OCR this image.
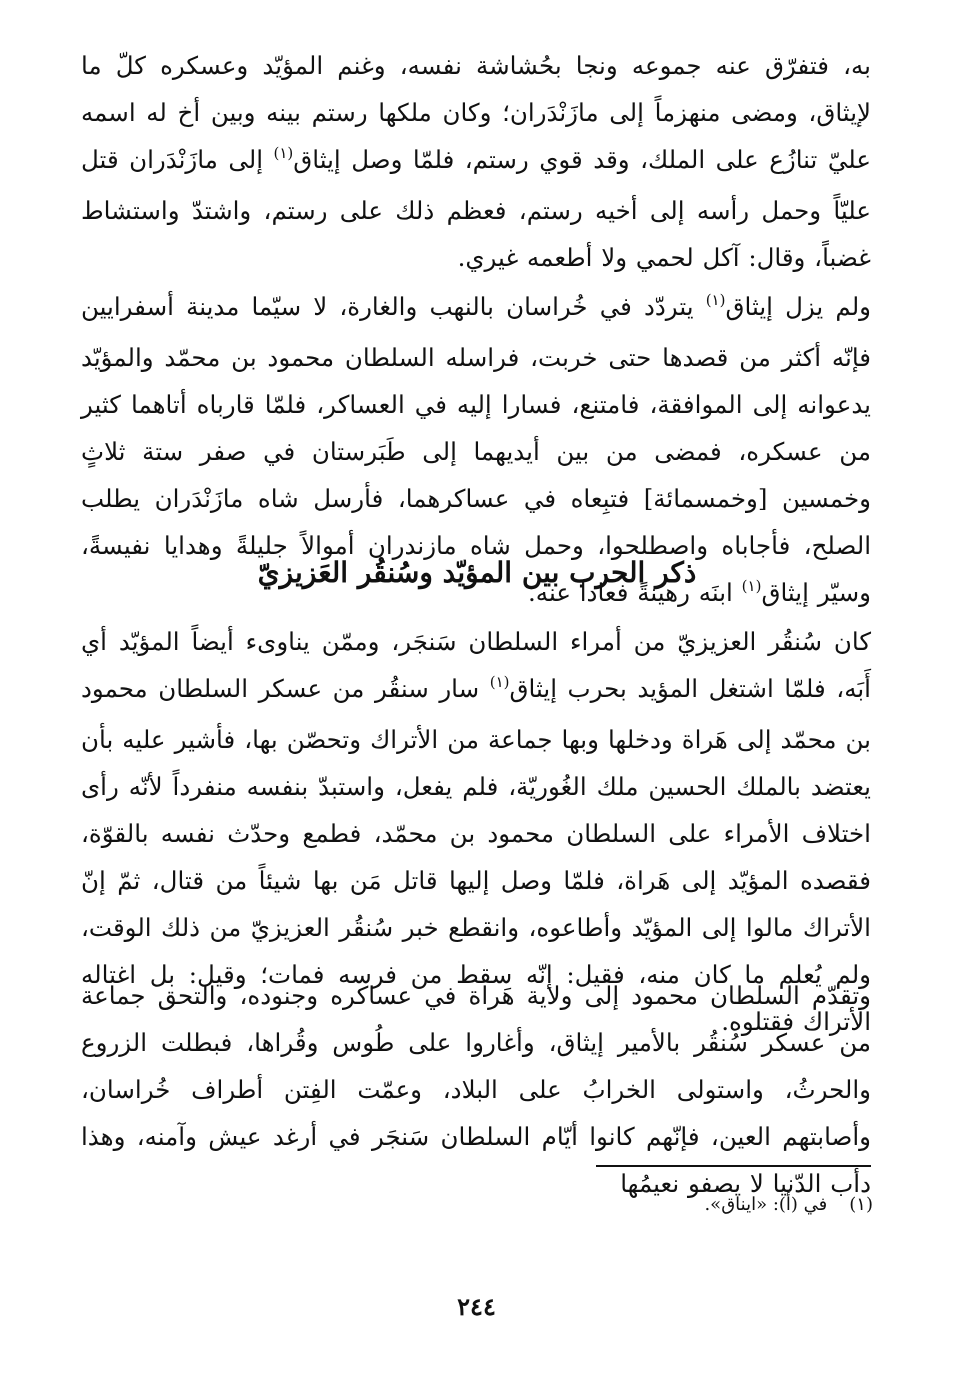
به، فتفرّق عنه جموعه ونجا بحُشاشة نفسه، وغنم المؤيّد وعسكره كلّ ما لإيثاق، ومضى منهزماً إلى مازَنْدَران؛ وكان ملكها رستم بينه وبين أخ له اسمه عليّ تنازُع على الملك، وقد قوي رستم، فلمّا وصل إيثاق$^{(١)}$ إلى مازَنْدَران قتل عليّاً وحمل رأسه إلى أخيه رستم، فعظم ذلك على رستم، واشتدّ واستشاط غضباً، وقال: آكل لحمي ولا أطعمه غيري.

ولم يزل إيثاق$^{(١)}$ يتردّد في خُراسان بالنهب والغارة، لا سيّما مدينة أسفرايين فإنّه أكثر من قصدها حتى خربت، فراسله السلطان محمود بن محمّد والمؤيّد يدعوانه إلى الموافقة، فامتنع، فسارا إليه في العساكر، فلمّا قارباه أتاهما كثير من عسكره، فمضى من بين أيديهما إلى طَبَرستان في صفر ستة ثلاثٍ وخمسين [وخمسمائة] فتبِعاه في عساكرهما، فأرسل شاه مازَنْدَران يطلب الصلح، فأجاباه واصطلحوا، وحمل شاه مازندران أموالاً جليلةً وهدايا نفيسةً، وسيّر إيثاق$^{(١)}$ ابنَه رهينةً فعادا عنه.

ذكر الحرب بين المؤيّد وسُنقُر العَزيزيّ

كان سُنقُر العزيزيّ من أمراء السلطان سَنجَر، وممّن يناوىء أيضاً المؤيّد أي أَبَه، فلمّا اشتغل المؤيد بحرب إيثاق$^{(١)}$ سار سنقُر من عسكر السلطان محمود بن محمّد إلى هَراة ودخلها وبها جماعة من الأتراك وتحصّن بها، فأشير عليه بأن يعتضد بالملك الحسين ملك الغُوريّة، فلم يفعل، واستبدّ بنفسه منفرداً لأنّه رأى اختلاف الأمراء على السلطان محمود بن محمّد، فطمع وحدّث نفسه بالقوّة، فقصده المؤيّد إلى هَراة، فلمّا وصل إليها قاتل مَن بها شيئاً من قتال، ثمّ إنّ الأتراك مالوا إلى المؤيّد وأطاعوه، وانقطع خبر سُنقُر العزيزيّ من ذلك الوقت، ولم يُعلم ما كان منه، فقيل: إنّه سقط من فرسه فمات؛ وقيل: بل اغتاله الأتراك فقتلوه.

وتقدّم السلطان محمود إلى ولاية هَراة في عساكره وجنوده، والتحق جماعة من عسكر سُنقُر بالأمير إيثاق، وأغاروا على طُوس وقُراها، فبطلت الزروع والحرثُ، واستولى الخرابُ على البلاد، وعمّت الفِتن أطراف خُراسان، وأصابتهم العين، فإنّهم كانوا أيّام السلطان سَنجَر في أرغد عيش وآمنه، وهذا دأب الدّنيا لا يصفو نعيمُها

(١)في (أ): «ايناق».
٢٤٤
